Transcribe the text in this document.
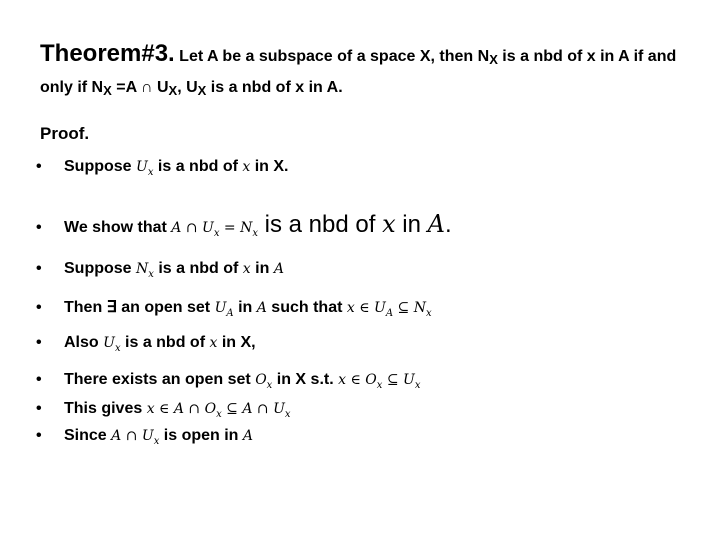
Theorem#3. Let A be a subspace of a space X, then $N_X$ is a nbd of x in A if and only if $N_X =A$ ∩ $U_X$, $U_X$ is a nbd of x in A.
Proof.
• Suppose $U_x$ is a nbd of x in X.
• We show that A ∩ $U_x = N_x$ is a nbd of x in A.
• Suppose $N_x$ is a nbd of x in A
• Then ∃ an open set $U_A$ in A such that x ∈ $U_A$ ⊆ $N_x$
• Also $U_x$ is a nbd of x in X,
• There exists an open set $O_x$ in X s.t. x ∈ $O_x$ ⊆ $U_x$
• This gives x ∈ A ∩ $O_x$ ⊆ A ∩ $U_x$
• Since A ∩ $U_x$ is open in A
